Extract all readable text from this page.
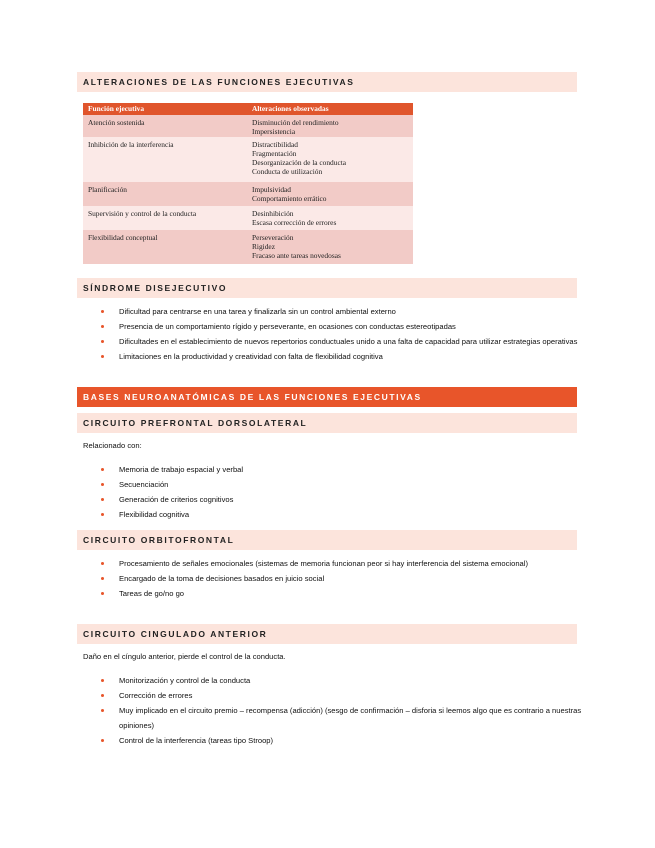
ALTERACIONES DE LAS FUNCIONES EJECUTIVAS
Función ejecutiva	Alteraciones observadas
Atención sostenida	Disminución del rendimiento
Impersistencia
Inhibición de la interferencia	Distractibilidad
Fragmentación
Desorganización de la conducta
Conducta de utilización
Planificación	Impulsividad
Comportamiento errático
Supervisión y control de la conducta	Desinhibición
Escasa corrección de errores
Flexibilidad conceptual	Perseveración
Rigidez
Fracaso ante tareas novedosas
SÍNDROME DISEJECUTIVO
Dificultad para centrarse en una tarea y finalizarla sin un control ambiental externo
Presencia de un comportamiento rígido y perseverante, en ocasiones con conductas estereotipadas
Dificultades en el establecimiento de nuevos repertorios conductuales unido a una falta de capacidad para utilizar estrategias operativas
Limitaciones en la productividad y creatividad con falta de flexibilidad cognitiva
BASES NEUROANATÓMICAS DE LAS FUNCIONES EJECUTIVAS
CIRCUITO PREFRONTAL DORSOLATERAL
Relacionado con:
Memoria de trabajo espacial y verbal
Secuenciación
Generación de criterios cognitivos
Flexibilidad cognitiva
CIRCUITO ORBITOFRONTAL
Procesamiento de señales emocionales (sistemas de memoria funcionan peor si hay interferencia del sistema emocional)
Encargado de la toma de decisiones basados en juicio social
Tareas de go/no go
CIRCUITO CINGULADO ANTERIOR
Daño en el cíngulo anterior, pierde el control de la conducta.
Monitorización y control de la conducta
Corrección de errores
Muy implicado en el circuito premio – recompensa (adicción) (sesgo de confirmación – disforia si leemos algo que es contrario a nuestras opiniones)
Control de la interferencia (tareas tipo Stroop)
